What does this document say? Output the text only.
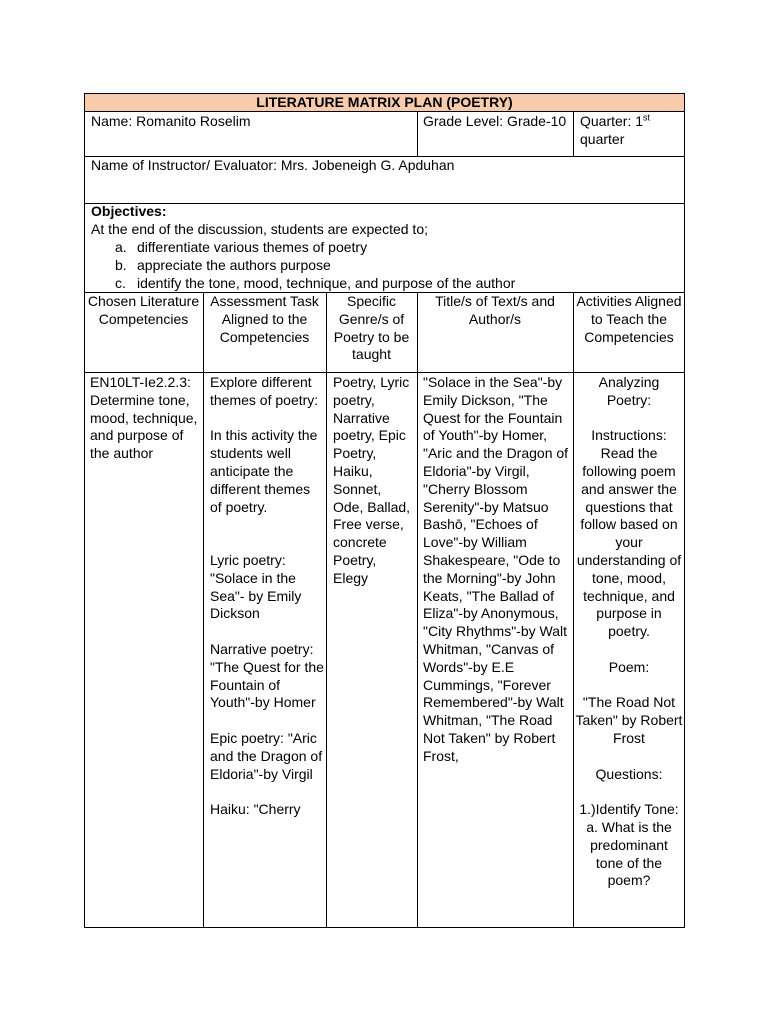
LITERATURE MATRIX PLAN (POETRY)
Name: Romanito Roselim	Grade Level: Grade-10 Quarter: 1st
quarter
Name of Instructor/ Evaluator: Mrs. Jobeneigh G. Apduhan
Objectives:
At the end of the discussion, students are expected to;
a. differentiate various themes of poetry
b. appreciate the authors purpose
c. identify the tone, mood, technique, and purpose of the author
Chosen Literature Competencies
Assessment Task Aligned to the Competencies
Specific Genre/s of Poetry to be taught
Title/s of Text/s and Author/s
Activities Aligned to Teach the Competencies
EN10LT-Ie2.2.3: Determine tone, mood, technique, and purpose of the author
Explore different themes of poetry:

In this activity the students well anticipate the different themes of poetry.

Lyric poetry: "Solace in the Sea"- by Emily Dickson

Narrative poetry: "The Quest for the Fountain of Youth"-by Homer

Epic poetry: "Aric and the Dragon of Eldoria"-by Virgil

Haiku: "Cherry
Poetry, Lyric poetry, Narrative poetry, Epic Poetry, Haiku, Sonnet, Ode, Ballad, Free verse, concrete Poetry, Elegy
"Solace in the Sea"-by Emily Dickson, "The Quest for the Fountain of Youth"-by Homer, "Aric and the Dragon of Eldoria"-by Virgil, "Cherry Blossom Serenity"-by Matsuo Bashō, "Echoes of Love"-by William Shakespeare, "Ode to the Morning"-by John Keats, "The Ballad of Eliza"-by Anonymous, "City Rhythms"-by Walt Whitman, "Canvas of Words"-by E.E Cummings, "Forever Remembered"-by Walt Whitman, "The Road Not Taken" by Robert Frost,
Analyzing Poetry:

Instructions: Read the following poem and answer the questions that follow based on your understanding of tone, mood, technique, and purpose in poetry.

Poem:

"The Road Not Taken" by Robert Frost

Questions:

1.)Identify Tone:
a. What is the predominant tone of the poem?
